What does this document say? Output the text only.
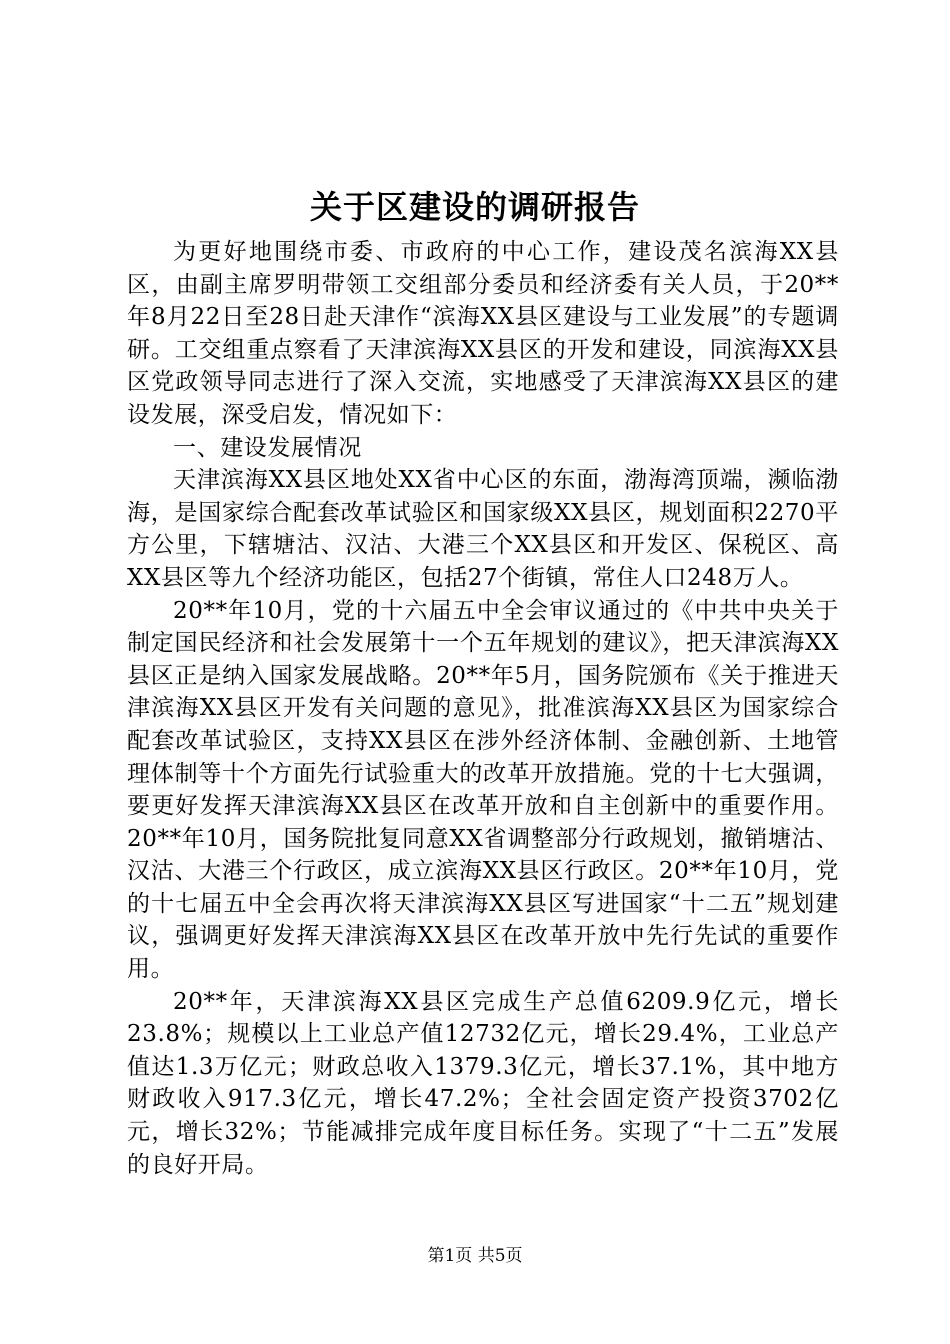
关于区建设的调研报告

为更好地围绕市委、市政府的中心工作，建设茂名滨海XX县区，由副主席罗明带领工交组部分委员和经济委有关人员，于20**年8月22日至28日赴天津作“滨海XX县区建设与工业发展”的专题调研。工交组重点察看了天津滨海XX县区的开发和建设，同滨海XX县区党政领导同志进行了深入交流，实地感受了天津滨海XX县区的建设发展，深受启发，情况如下：

一、建设发展情况

天津滨海XX县区地处XX省中心区的东面，渤海湾顶端，濒临渤海，是国家综合配套改革试验区和国家级XX县区，规划面积2270平方公里，下辖塘沽、汉沽、大港三个XX县区和开发区、保税区、高XX县区等九个经济功能区，包括27个街镇，常住人口248万人。

20**年10月，党的十六届五中全会审议通过的《中共中央关于制定国民经济和社会发展第十一个五年规划的建议》，把天津滨海XX县区正是纳入国家发展战略。20**年5月，国务院颁布《关于推进天津滨海XX县区开发有关问题的意见》，批准滨海XX县区为国家综合配套改革试验区，支持XX县区在涉外经济体制、金融创新、土地管理体制等十个方面先行试验重大的改革开放措施。党的十七大强调，要更好发挥天津滨海XX县区在改革开放和自主创新中的重要作用。20**年10月，国务院批复同意XX省调整部分行政规划，撤销塘沽、汉沽、大港三个行政区，成立滨海XX县区行政区。20**年10月，党的十七届五中全会再次将天津滨海XX县区写进国家“十二五”规划建议，强调更好发挥天津滨海XX县区在改革开放中先行先试的重要作用。

20**年，天津滨海XX县区完成生产总值6209.9亿元，增长23.8%；规模以上工业总产值12732亿元，增长29.4%，工业总产值达1.3万亿元；财政总收入1379.3亿元，增长37.1%，其中地方财政收入917.3亿元，增长47.2%；全社会固定资产投资3702亿元，增长32%；节能减排完成年度目标任务。实现了“十二五”发展的良好开局。

第1页 共5页
